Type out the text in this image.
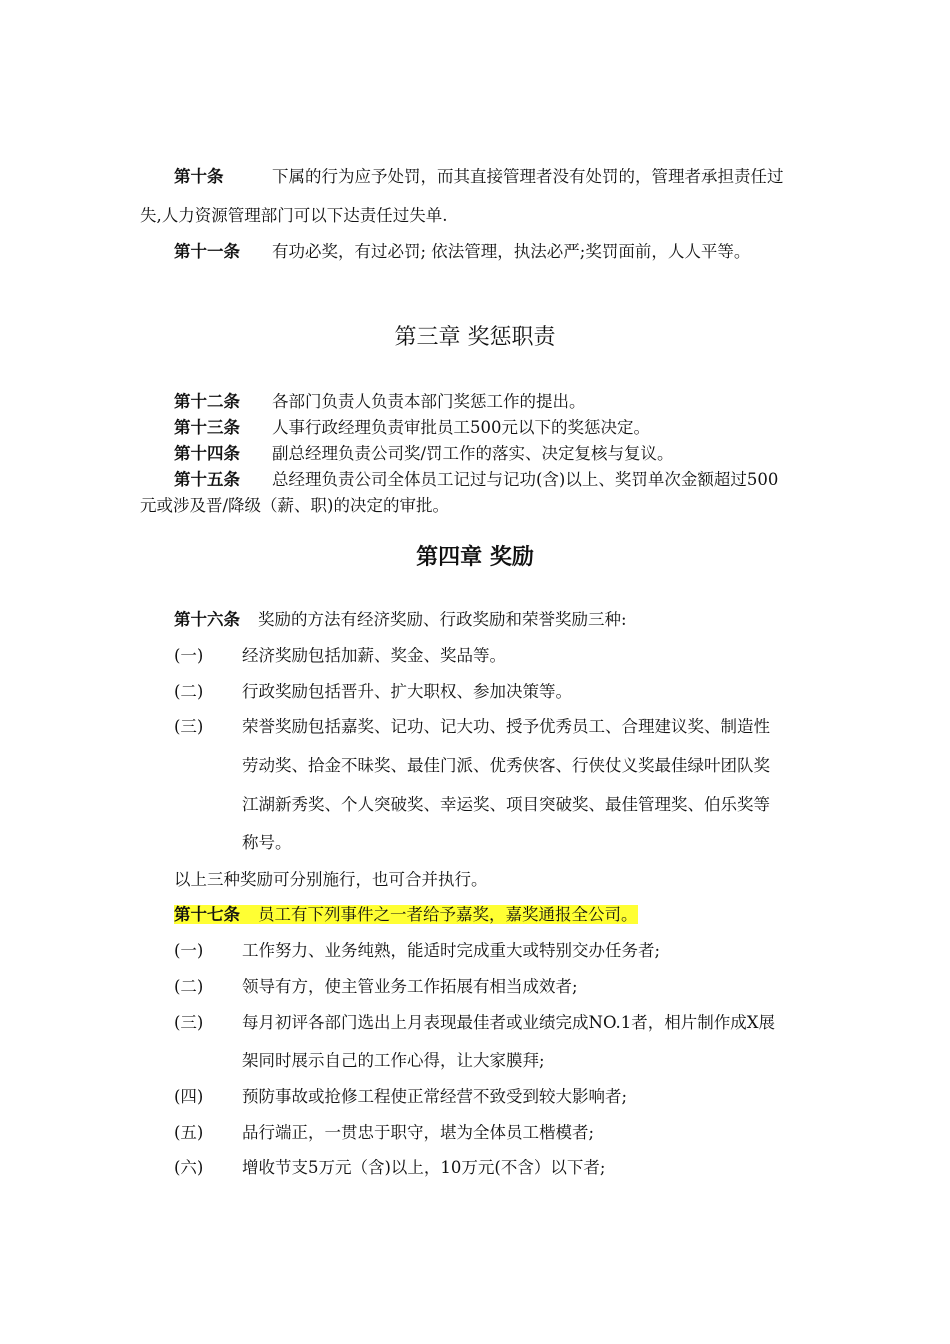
第十条	下属的行为应予处罚，而其直接管理者没有处罚的，管理者承担责任过
失,人力资源管理部门可以下达责任过失单.
第十一条 有功必奖，有过必罚; 依法管理，执法必严;奖罚面前，人人平等。
第三章 奖惩职责
第十二条 各部门负责人负责本部门奖惩工作的提出。
第十三条 人事行政经理负责审批员工500元以下的奖惩决定。
第十四条 副总经理负责公司奖/罚工作的落实、决定复核与复议。
第十五条 总经理负责公司全体员工记过与记功(含)以上、奖罚单次金额超过500
元或涉及晋/降级（薪、职)的决定的审批。
第四章 奖励
第十六条 奖励的方法有经济奖励、行政奖励和荣誉奖励三种:
(一) 经济奖励包括加薪、奖金、奖品等。
(二) 行政奖励包括晋升、扩大职权、参加决策等。
(三) 荣誉奖励包括嘉奖、记功、记大功、授予优秀员工、合理建议奖、制造性
劳动奖、拾金不昧奖、最佳门派、优秀侠客、行侠仗义奖最佳绿叶团队奖
江湖新秀奖、个人突破奖、幸运奖、项目突破奖、最佳管理奖、伯乐奖等
称号。
以上三种奖励可分别施行，也可合并执行。
第十七条 员工有下列事件之一者给予嘉奖，嘉奖通报全公司。
(一) 工作努力、业务纯熟，能适时完成重大或特别交办任务者;
(二) 领导有方，使主管业务工作拓展有相当成效者;
(三) 每月初评各部门选出上月表现最佳者或业绩完成NO.1者，相片制作成X展
架同时展示自己的工作心得，让大家膜拜;
(四) 预防事故或抢修工程使正常经营不致受到较大影响者;
(五) 品行端正，一贯忠于职守，堪为全体员工楷模者;
(六) 增收节支5万元（含)以上，10万元(不含）以下者;
